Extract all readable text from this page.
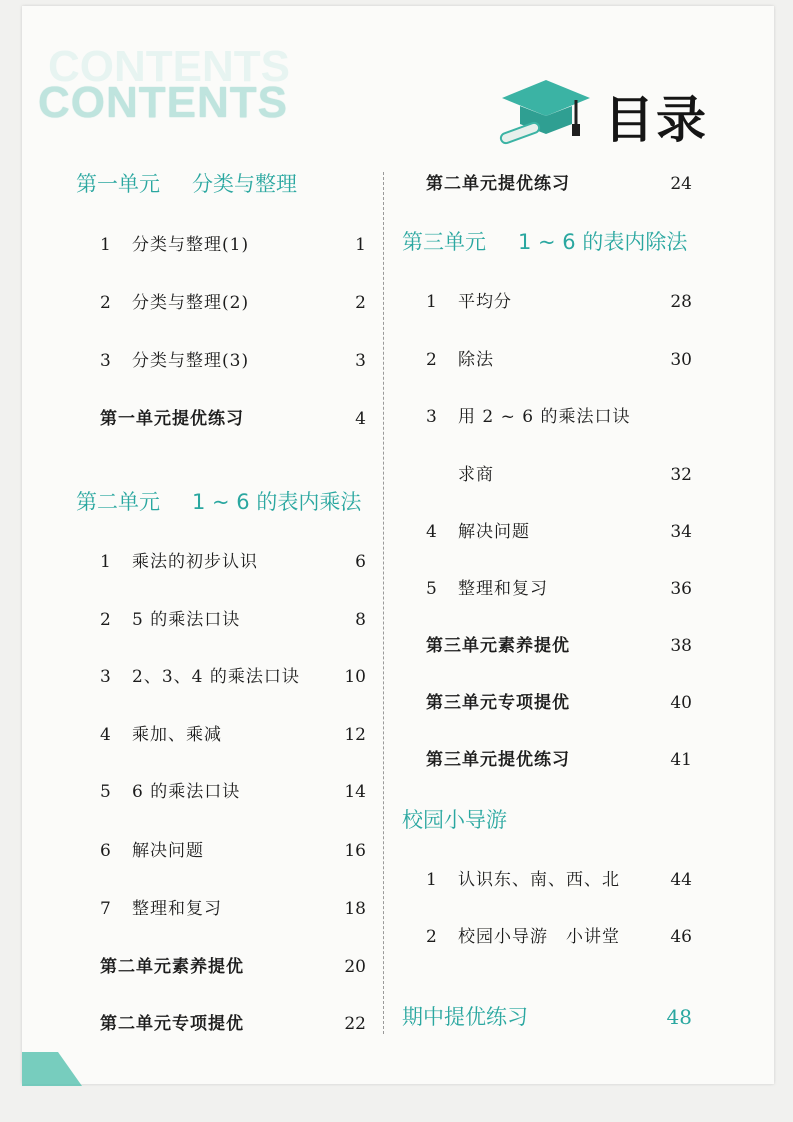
CONTENTS
CONTENTS	目录
第一单元 分类与整理
1 分类与整理(1)	1
2 分类与整理(2)	2
3 分类与整理(3)	3
第一单元提优练习	4
第二单元 1 ~ 6 的表内乘法
1 乘法的初步认识	6
2 5 的乘法口诀	8
3 2、3、4 的乘法口诀	10
4 乘加、乘减	12
5 6 的乘法口诀	14
6 解决问题	16
7 整理和复习	18
第二单元素养提优	20
第二单元专项提优	22
第二单元提优练习	24
第三单元 1 ~ 6 的表内除法
1 平均分	28
2 除法	30
3 用 2 ~ 6 的乘法口诀
求商	32
4 解决问题	34
5 整理和复习	36
第三单元素养提优	38
第三单元专项提优	40
第三单元提优练习	41
校园小导游
1 认识东、南、西、北	44
2 校园小导游　小讲堂	46
期中提优练习	48
